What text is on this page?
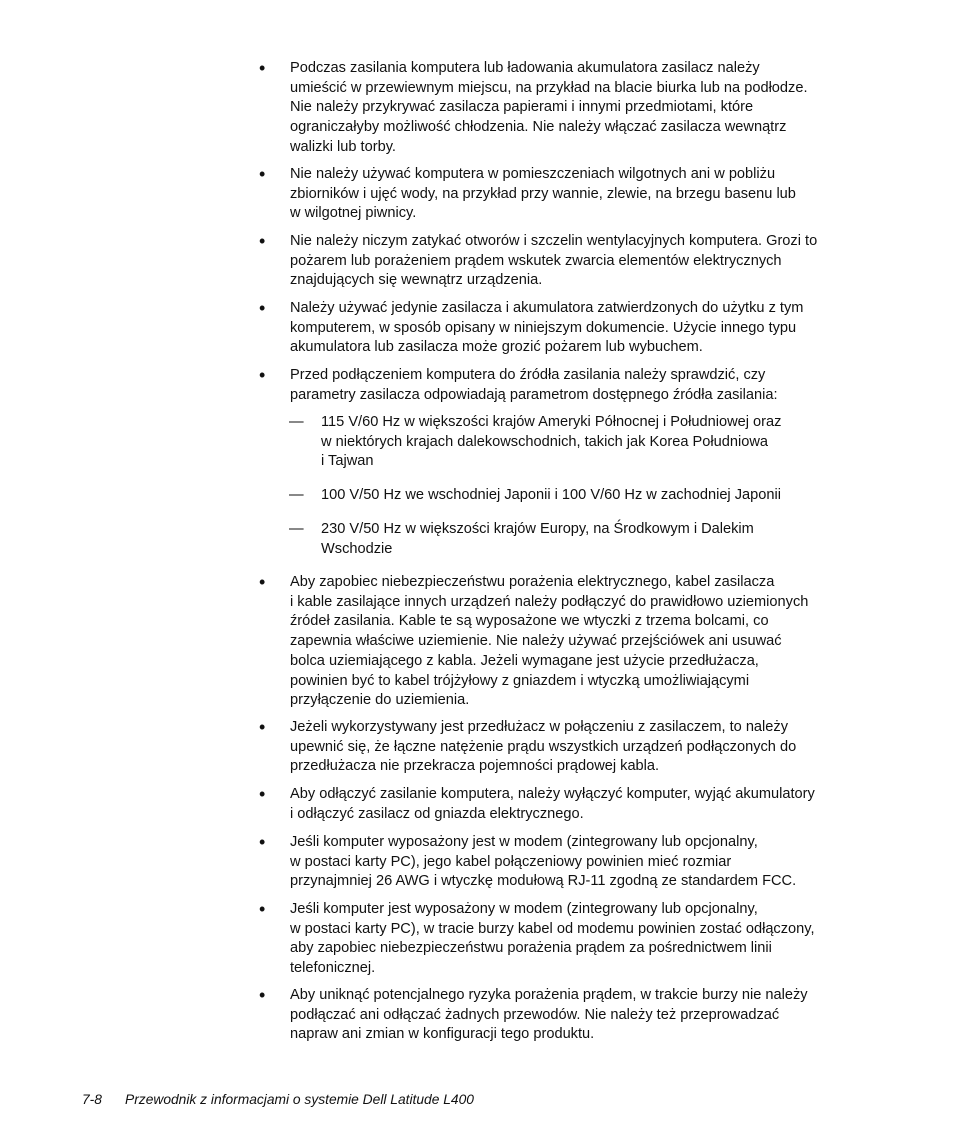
• Podczas zasilania komputera lub ładowania akumulatora zasilacz należy
umieścić w przewiewnym miejscu, na przykład na blacie biurka lub na podłodze.
Nie należy przykrywać zasilacza papierami i innymi przedmiotami, które
ograniczałyby możliwość chłodzenia. Nie należy włączać zasilacza wewnątrz
walizki lub torby.
• Nie należy używać komputera w pomieszczeniach wilgotnych ani w pobliżu
zbiorników i ujęć wody, na przykład przy wannie, zlewie, na brzegu basenu lub
w wilgotnej piwnicy.
• Nie należy niczym zatykać otworów i szczelin wentylacyjnych komputera. Grozi to
pożarem lub porażeniem prądem wskutek zwarcia elementów elektrycznych
znajdujących się wewnątrz urządzenia.
• Należy używać jedynie zasilacza i akumulatora zatwierdzonych do użytku z tym
komputerem, w sposób opisany w niniejszym dokumencie. Użycie innego typu
akumulatora lub zasilacza może grozić pożarem lub wybuchem.
• Przed podłączeniem komputera do źródła zasilania należy sprawdzić, czy
parametry zasilacza odpowiadają parametrom dostępnego źródła zasilania:
— 115 V/60 Hz w większości krajów Ameryki Północnej i Południowej oraz
w niektórych krajach dalekowschodnich, takich jak Korea Południowa
i Tajwan
— 100 V/50 Hz we wschodniej Japonii i 100 V/60 Hz w zachodniej Japonii
— 230 V/50 Hz w większości krajów Europy, na Środkowym i Dalekim
Wschodzie
• Aby zapobiec niebezpieczeństwu porażenia elektrycznego, kabel zasilacza
i kable zasilające innych urządzeń należy podłączyć do prawidłowo uziemionych
źródeł zasilania. Kable te są wyposażone we wtyczki z trzema bolcami, co
zapewnia właściwe uziemienie. Nie należy używać przejściówek ani usuwać
bolca uziemiającego z kabla. Jeżeli wymagane jest użycie przedłużacza,
powinien być to kabel trójżyłowy z gniazdem i wtyczką umożliwiającymi
przyłączenie do uziemienia.
• Jeżeli wykorzystywany jest przedłużacz w połączeniu z zasilaczem, to należy
upewnić się, że łączne natężenie prądu wszystkich urządzeń podłączonych do
przedłużacza nie przekracza pojemności prądowej kabla.
• Aby odłączyć zasilanie komputera, należy wyłączyć komputer, wyjąć akumulatory
i odłączyć zasilacz od gniazda elektrycznego.
• Jeśli komputer wyposażony jest w modem (zintegrowany lub opcjonalny,
w postaci karty PC), jego kabel połączeniowy powinien mieć rozmiar
przynajmniej 26 AWG i wtyczkę modułową RJ-11 zgodną ze standardem FCC.
• Jeśli komputer jest wyposażony w modem (zintegrowany lub opcjonalny,
w postaci karty PC), w tracie burzy kabel od modemu powinien zostać odłączony,
aby zapobiec niebezpieczeństwu porażenia prądem za pośrednictwem linii
telefonicznej.
• Aby uniknąć potencjalnego ryzyka porażenia prądem, w trakcie burzy nie należy
podłączać ani odłączać żadnych przewodów. Nie należy też przeprowadzać
napraw ani zmian w konfiguracji tego produktu.
7-8 Przewodnik z informacjami o systemie Dell Latitude L400
